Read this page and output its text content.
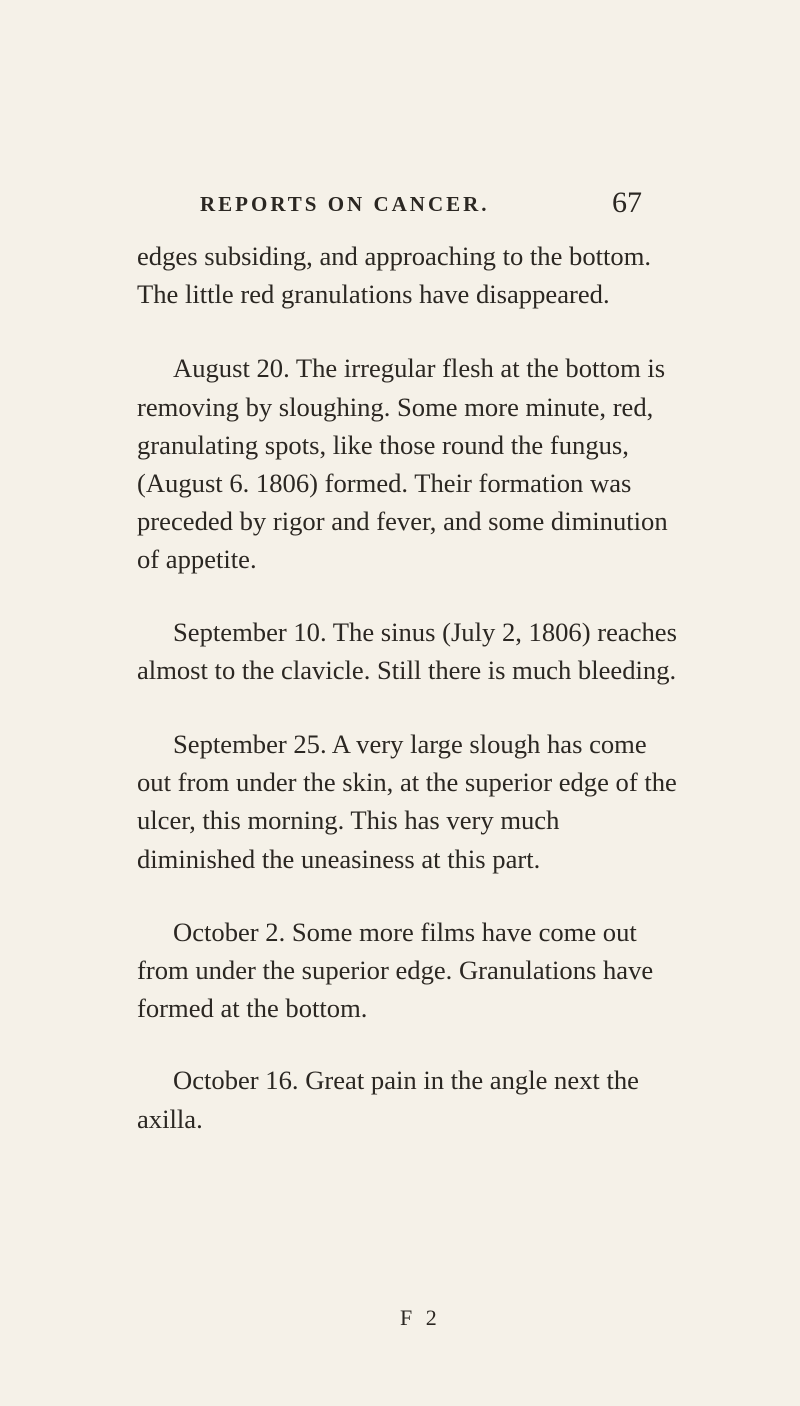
REPORTS ON CANCER.	67

edges subsiding, and approaching to the bottom. The little red granulations have disappeared.

August 20. The irregular flesh at the bottom is removing by sloughing. Some more minute, red, granulating spots, like those round the fungus, (August 6. 1806) formed. Their formation was preceded by rigor and fever, and some diminution of appetite.

September 10. The sinus (July 2, 1806) reaches almost to the clavicle. Still there is much bleeding.

September 25. A very large slough has come out from under the skin, at the superior edge of the ulcer, this morning. This has very much diminished the uneasiness at this part.

October 2. Some more films have come out from under the superior edge. Granulations have formed at the bottom.

October 16. Great pain in the angle next the axilla.

F 2
